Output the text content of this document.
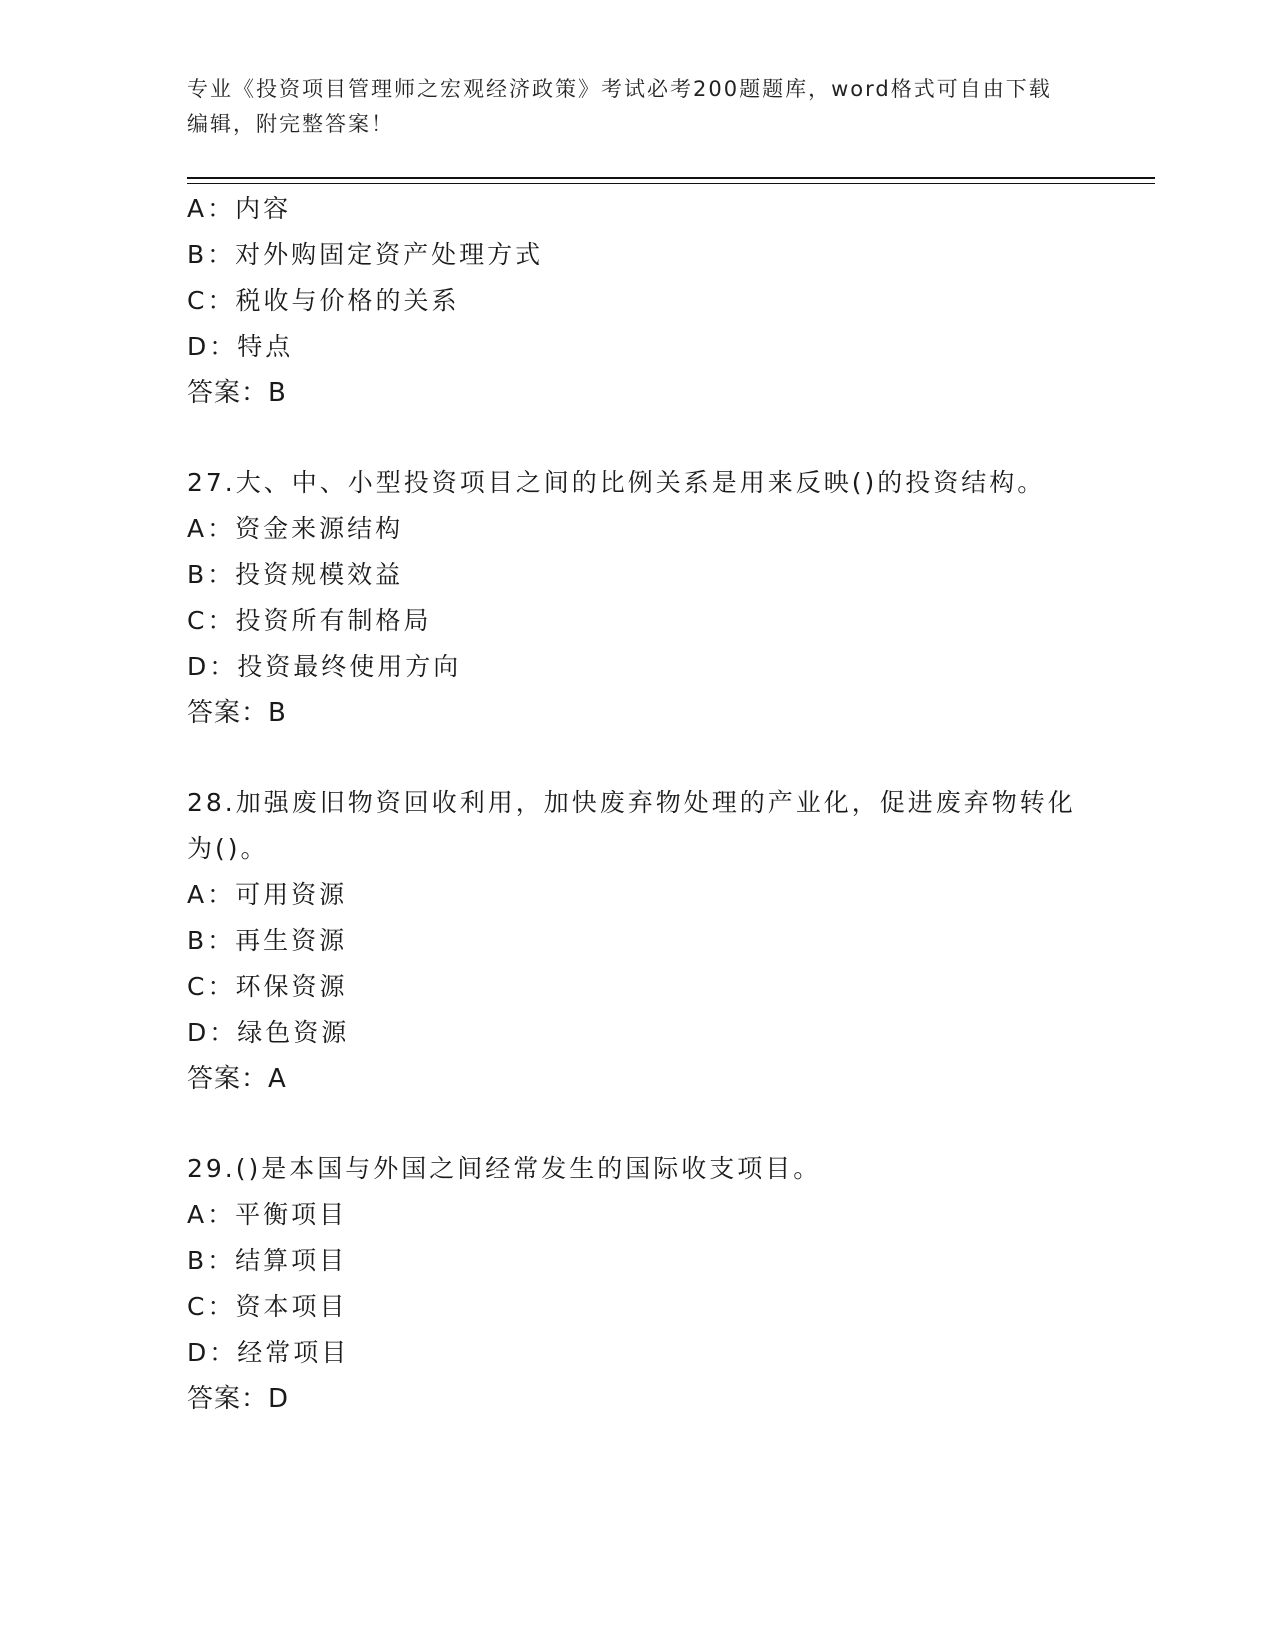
专业《投资项目管理师之宏观经济政策》考试必考200题题库，word格式可自由下载编辑，附完整答案！
A：内容
B：对外购固定资产处理方式
C：税收与价格的关系
D：特点
答案：B
27.大、中、小型投资项目之间的比例关系是用来反映()的投资结构。
A：资金来源结构
B：投资规模效益
C：投资所有制格局
D：投资最终使用方向
答案：B
28.加强废旧物资回收利用，加快废弃物处理的产业化，促进废弃物转化为()。
A：可用资源
B：再生资源
C：环保资源
D：绿色资源
答案：A
29.()是本国与外国之间经常发生的国际收支项目。
A：平衡项目
B：结算项目
C：资本项目
D：经常项目
答案：D
